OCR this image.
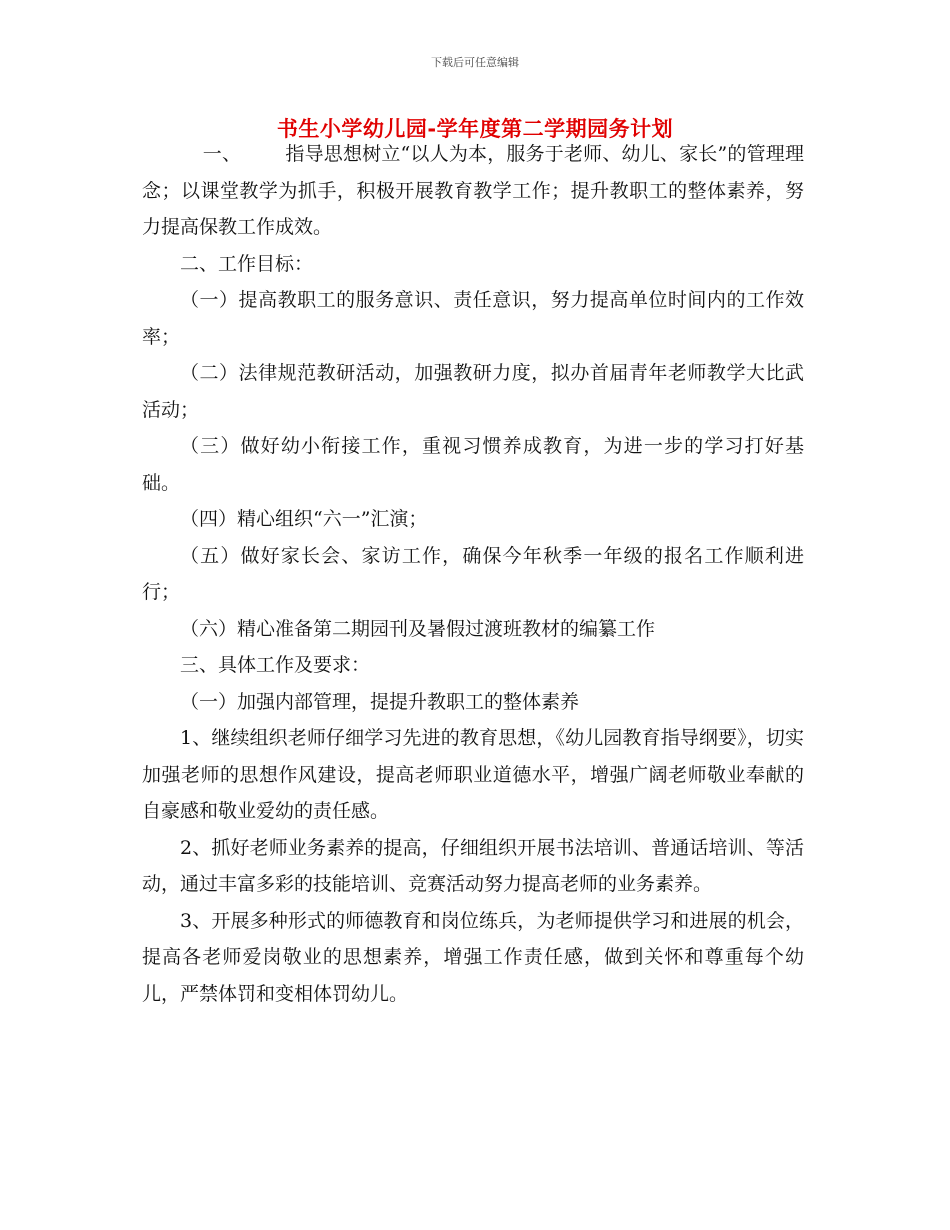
下载后可任意编辑
书生小学幼儿园-学年度第二学期园务计划

一、 指导思想树立“以人为本，服务于老师、幼儿、家长”的管理理念；以课堂教学为抓手，积极开展教育教学工作；提升教职工的整体素养，努力提高保教工作成效。

二、工作目标：

（一）提高教职工的服务意识、责任意识，努力提高单位时间内的工作效率；

（二）法律规范教研活动，加强教研力度，拟办首届青年老师教学大比武活动；

（三）做好幼小衔接工作，重视习惯养成教育，为进一步的学习打好基础。

（四）精心组织“六一”汇演；

（五）做好家长会、家访工作，确保今年秋季一年级的报名工作顺利进行；

（六）精心准备第二期园刊及暑假过渡班教材的编纂工作

三、具体工作及要求：

（一）加强内部管理，提提升教职工的整体素养

1、继续组织老师仔细学习先进的教育思想，《幼儿园教育指导纲要》，切实加强老师的思想作风建设，提高老师职业道德水平，增强广阔老师敬业奉献的自豪感和敬业爱幼的责任感。

2、抓好老师业务素养的提高，仔细组织开展书法培训、普通话培训、等活动，通过丰富多彩的技能培训、竞赛活动努力提高老师的业务素养。

3、开展多种形式的师德教育和岗位练兵，为老师提供学习和进展的机会，提高各老师爱岗敬业的思想素养，增强工作责任感，做到关怀和尊重每个幼儿，严禁体罚和变相体罚幼儿。
